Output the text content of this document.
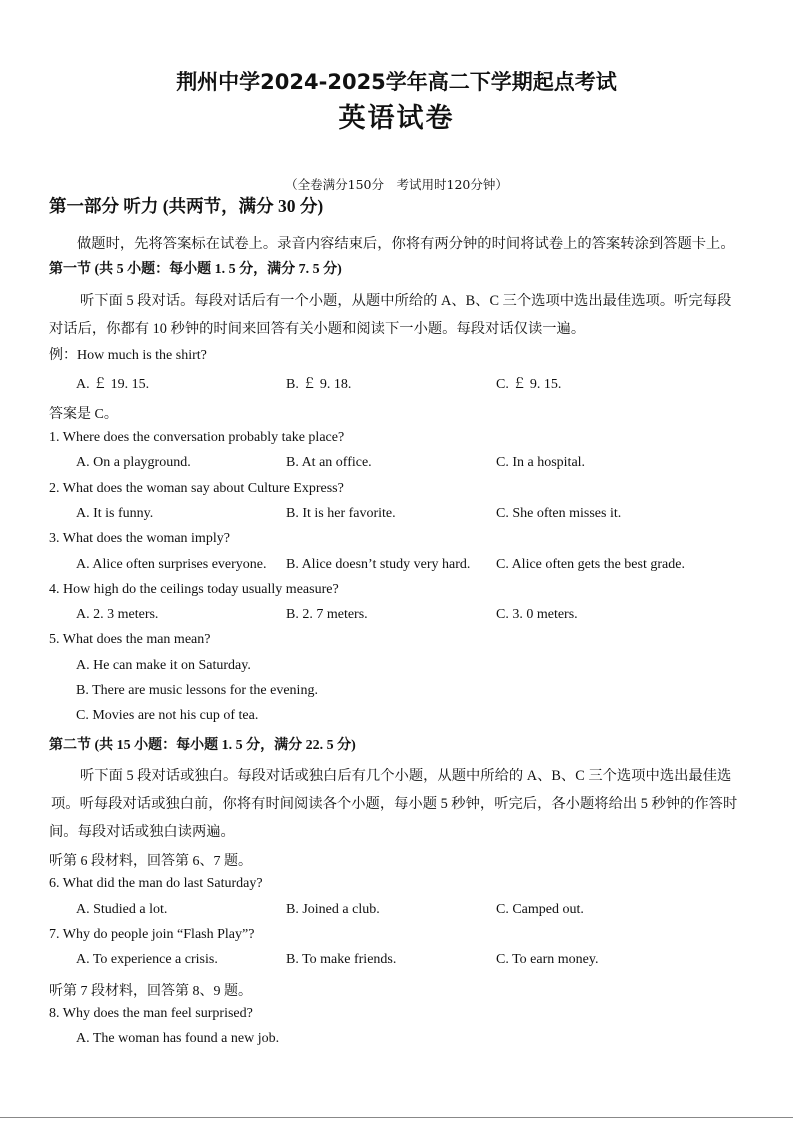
荆州中学2024-2025学年高二下学期起点考试
英语试卷
（全卷满分150分　考试用时120分钟）
第一部分 听力 (共两节，满分 30 分)
做题时，先将答案标在试卷上。录音内容结束后，你将有两分钟的时间将试卷上的答案转涂到答题卡上。
第一节 (共 5 小题：每小题 1. 5 分，满分 7. 5 分)
听下面 5 段对话。每段对话后有一个小题，从题中所给的 A、B、C 三个选项中选出最佳选项。听完每段
对话后，你都有 10 秒钟的时间来回答有关小题和阅读下一小题。每段对话仅读一遍。
例：How much is the shirt?
A. ￡ 19. 15.	B. ￡ 9. 18.	C. ￡ 9. 15.
答案是 C。
1. Where does the conversation probably take place?
A. On a playground.	B. At an office.	C. In a hospital.
2. What does the woman say about Culture Express?
A. It is funny.	B. It is her favorite.	C. She often misses it.
3. What does the woman imply?
A. Alice often surprises everyone. B. Alice doesn’t study very hard. C. Alice often gets the best grade.
4. How high do the ceilings today usually measure?
A. 2. 3 meters.	B. 2. 7 meters.	C. 3. 0 meters.
5. What does the man mean?
A. He can make it on Saturday.
B. There are music lessons for the evening.
C. Movies are not his cup of tea.
第二节 (共 15 小题：每小题 1. 5 分，满分 22. 5 分)
听下面 5 段对话或独白。每段对话或独白后有几个小题，从题中所给的 A、B、C 三个选项中选出最佳选
项。听每段对话或独白前，你将有时间阅读各个小题，每小题 5 秒钟，听完后，各小题将给出 5 秒钟的作答时
间。每段对话或独白读两遍。
听第 6 段材料，回答第 6、7 题。
6. What did the man do last Saturday?
A. Studied a lot.	B. Joined a club.	C. Camped out.
7. Why do people join “Flash Play”?
A. To experience a crisis.	B. To make friends.	C. To earn money.
听第 7 段材料，回答第 8、9 题。
8. Why does the man feel surprised?
A. The woman has found a new job.
